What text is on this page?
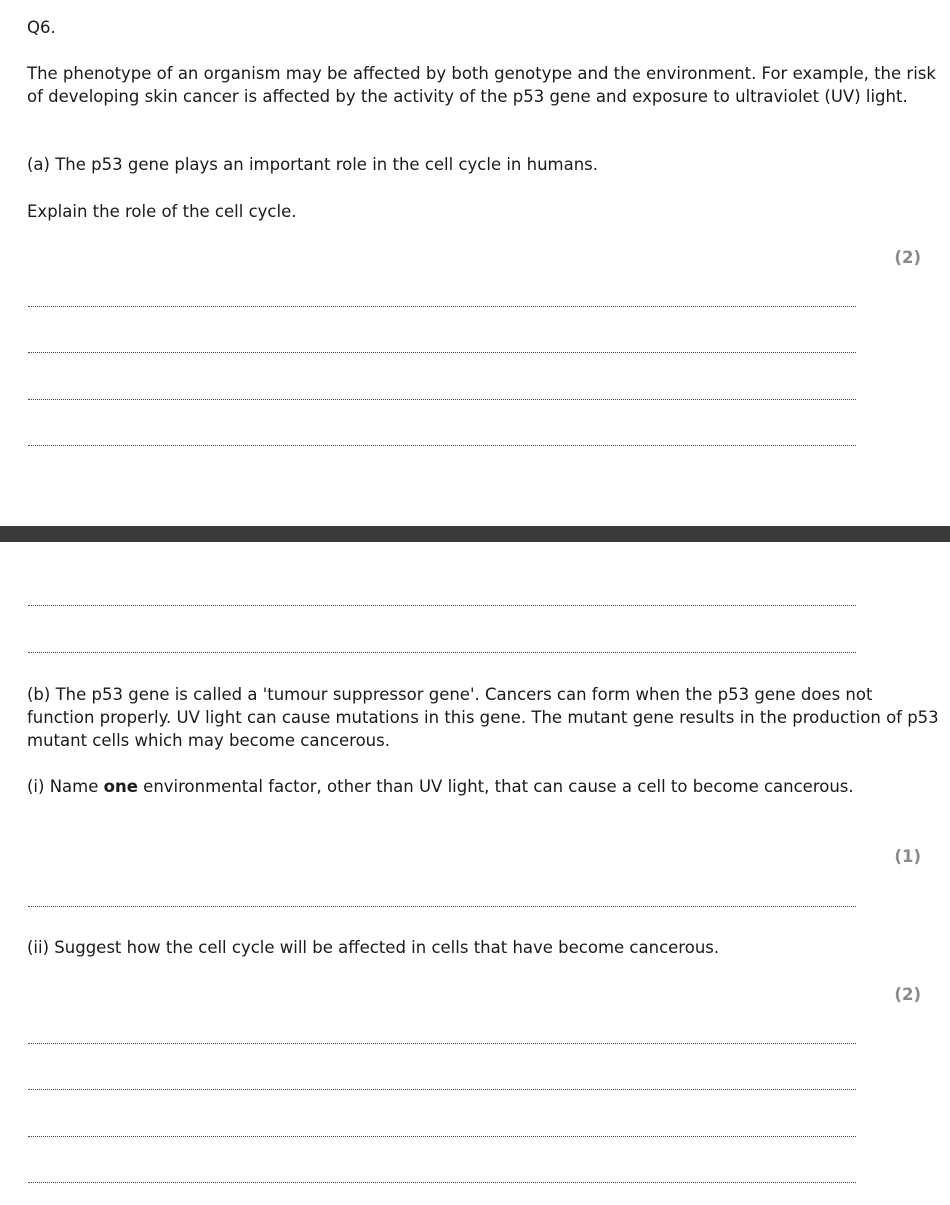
Q6.

The phenotype of an organism may be affected by both genotype and the environment. For example, the risk of developing skin cancer is affected by the activity of the p53 gene and exposure to ultraviolet (UV) light.

(a) The p53 gene plays an important role in the cell cycle in humans.

Explain the role of the cell cycle.

(2)

(b) The p53 gene is called a 'tumour suppressor gene'. Cancers can form when the p53 gene does not function properly. UV light can cause mutations in this gene. The mutant gene results in the production of p53 mutant cells which may become cancerous.

(i) Name one environmental factor, other than UV light, that can cause a cell to become cancerous.

(1)

(ii) Suggest how the cell cycle will be affected in cells that have become cancerous.

(2)
